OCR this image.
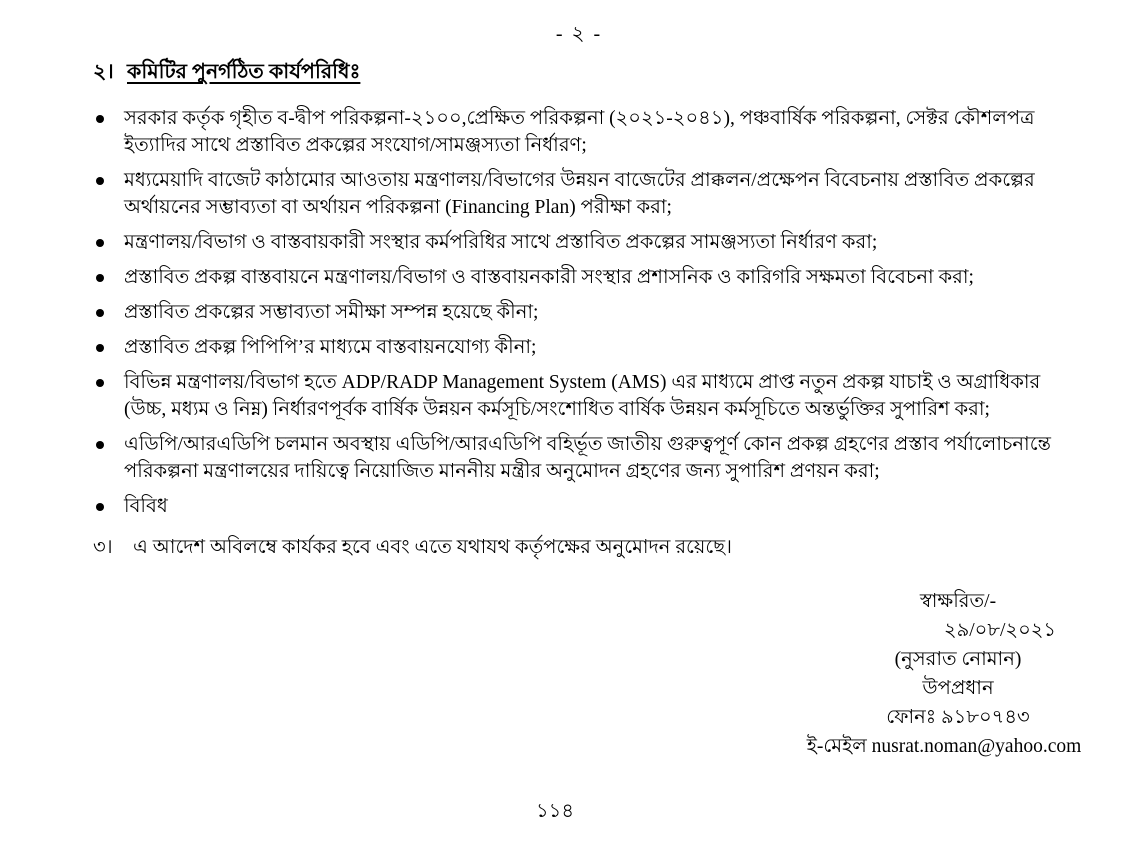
- ২ -
২। কমিটির পুনর্গঠিত কার্যপরিধিঃ
সরকার কর্তৃক গৃহীত ব-দ্বীপ পরিকল্পনা-২১০০,প্রেক্ষিত পরিকল্পনা (২০২১-২০৪১), পঞ্চবার্ষিক পরিকল্পনা, সেক্টর কৌশলপত্র ইত্যাদির সাথে প্রস্তাবিত প্রকল্পের সংযোগ/সামঞ্জস্যতা নির্ধারণ;
মধ্যমেয়াদি বাজেট কাঠামোর আওতায় মন্ত্রণালয়/বিভাগের উন্নয়ন বাজেটের প্রাক্কলন/প্রক্ষেপন বিবেচনায় প্রস্তাবিত প্রকল্পের অর্থায়নের সম্ভাব্যতা বা অর্থায়ন পরিকল্পনা (Financing Plan) পরীক্ষা করা;
মন্ত্রণালয়/বিভাগ ও বাস্তবায়কারী সংস্থার কর্মপরিধির সাথে প্রস্তাবিত প্রকল্পের সামঞ্জস্যতা নির্ধারণ করা;
প্রস্তাবিত প্রকল্প বাস্তবায়নে মন্ত্রণালয়/বিভাগ ও বাস্তবায়নকারী সংস্থার প্রশাসনিক ও কারিগরি সক্ষমতা বিবেচনা করা;
প্রস্তাবিত প্রকল্পের সম্ভাব্যতা সমীক্ষা সম্পন্ন হয়েছে কীনা;
প্রস্তাবিত প্রকল্প পিপিপি’র মাধ্যমে বাস্তবায়নযোগ্য কীনা;
বিভিন্ন মন্ত্রণালয়/বিভাগ হতে ADP/RADP Management System (AMS) এর মাধ্যমে প্রাপ্ত নতুন প্রকল্প যাচাই ও অগ্রাধিকার (উচ্চ, মধ্যম ও নিম্ন) নির্ধারণপূর্বক বার্ষিক উন্নয়ন কর্মসূচি/সংশোধিত বার্ষিক উন্নয়ন কর্মসূচিতে অন্তর্ভুক্তির সুপারিশ করা;
এডিপি/আরএডিপি চলমান অবস্থায় এডিপি/আরএডিপি বহির্ভূত জাতীয় গুরুত্বপূর্ণ কোন প্রকল্প গ্রহণের প্রস্তাব পর্যালোচনান্তে পরিকল্পনা মন্ত্রণালয়ের দায়িত্বে নিয়োজিত মাননীয় মন্ত্রীর অনুমোদন গ্রহণের জন্য সুপারিশ প্রণয়ন করা;
বিবিধ
৩।	এ আদেশ অবিলম্বে কার্যকর হবে এবং এতে যথাযথ কর্তৃপক্ষের অনুমোদন রয়েছে।
স্বাক্ষরিত/-
২৯/০৮/২০২১
(নুসরাত নোমান)
উপপ্রধান
ফোনঃ ৯১৮০৭৪৩
ই-মেইল nusrat.noman@yahoo.com
১১৪
